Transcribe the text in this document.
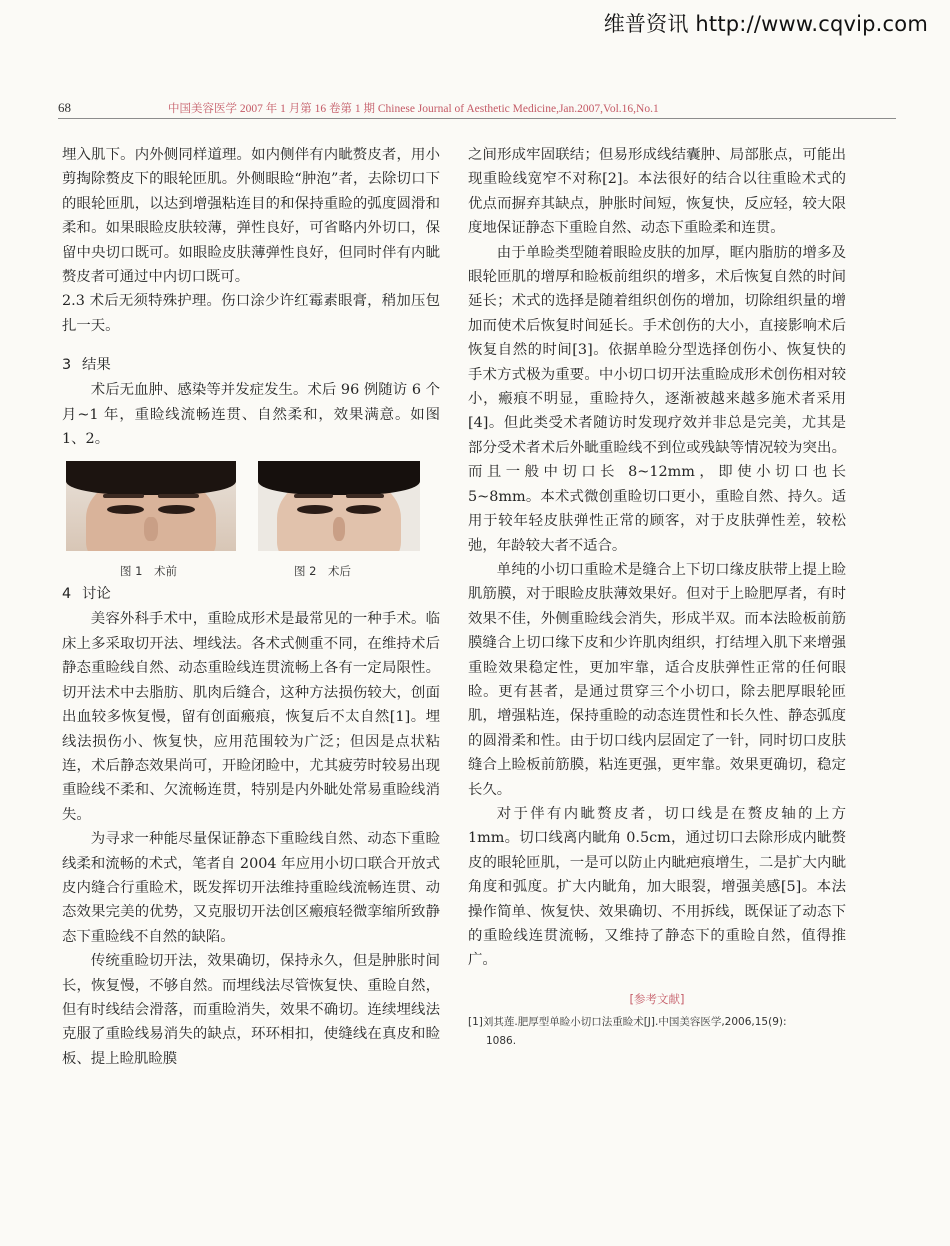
维普资讯 http://www.cqvip.com
68	中国美容医学 2007 年 1 月第 16 卷第 1 期 Chinese Journal of Aesthetic Medicine,Jan.2007,Vol.16,No.1

埋入肌下。内外侧同样道理。如内侧伴有内眦赘皮者，用小剪掏除赘皮下的眼轮匝肌。外侧眼睑“肿泡”者，去除切口下的眼轮匝肌，以达到增强粘连目的和保持重睑的弧度圆滑和柔和。如果眼睑皮肤较薄，弹性良好，可省略内外切口，保留中央切口既可。如眼睑皮肤薄弹性良好，但同时伴有内眦赘皮者可通过中内切口既可。

2.3 术后无须特殊护理。伤口涂少许红霉素眼膏，稍加压包扎一天。

3 结果

术后无血肿、感染等并发症发生。术后 96 例随访 6 个月~1 年，重睑线流畅连贯、自然柔和，效果满意。如图 1、2。

图 1　术前	图 2　术后
4 讨论

美容外科手术中，重睑成形术是最常见的一种手术。临床上多采取切开法、埋线法。各术式侧重不同，在维持术后静态重睑线自然、动态重睑线连贯流畅上各有一定局限性。切开法术中去脂肪、肌肉后缝合，这种方法损伤较大，创面出血较多恢复慢，留有创面瘢痕，恢复后不太自然[1]。埋线法损伤小、恢复快，应用范围较为广泛；但因是点状粘连，术后静态效果尚可，开睑闭睑中，尤其疲劳时较易出现重睑线不柔和、欠流畅连贯，特别是内外眦处常易重睑线消失。

为寻求一种能尽量保证静态下重睑线自然、动态下重睑线柔和流畅的术式，笔者自 2004 年应用小切口联合开放式皮内缝合行重睑术，既发挥切开法维持重睑线流畅连贯、动态效果完美的优势，又克服切开法创区瘢痕轻微挛缩所致静态下重睑线不自然的缺陷。

传统重睑切开法，效果确切，保持永久，但是肿胀时间长，恢复慢，不够自然。而埋线法尽管恢复快、重睑自然，但有时线结会滑落，而重睑消失，效果不确切。连续埋线法克服了重睑线易消失的缺点，环环相扣，使缝线在真皮和睑板、提上睑肌睑膜

之间形成牢固联结；但易形成线结囊肿、局部胀点，可能出现重睑线宽窄不对称[2]。本法很好的结合以往重睑术式的优点而摒弃其缺点，肿胀时间短，恢复快，反应轻，较大限度地保证静态下重睑自然、动态下重睑柔和连贯。

由于单睑类型随着眼睑皮肤的加厚，眶内脂肪的增多及眼轮匝肌的增厚和睑板前组织的增多，术后恢复自然的时间延长；术式的选择是随着组织创伤的增加，切除组织量的增加而使术后恢复时间延长。手术创伤的大小，直接影响术后恢复自然的时间[3]。依据单睑分型选择创伤小、恢复快的手术方式极为重要。中小切口切开法重睑成形术创伤相对较小，瘢痕不明显，重睑持久，逐渐被越来越多施术者采用[4]。但此类受术者随访时发现疗效并非总是完美，尤其是部分受术者术后外眦重睑线不到位或残缺等情况较为突出。而且一般中切口长 8~12mm，即使小切口也长 5~8mm。本术式微创重睑切口更小，重睑自然、持久。适用于较年轻皮肤弹性正常的顾客，对于皮肤弹性差，较松弛，年龄较大者不适合。

单纯的小切口重睑术是缝合上下切口缘皮肤带上提上睑肌筋膜，对于眼睑皮肤薄效果好。但对于上睑肥厚者，有时效果不佳，外侧重睑线会消失，形成半双。而本法睑板前筋膜缝合上切口缘下皮和少许肌肉组织，打结埋入肌下来增强重睑效果稳定性，更加牢靠，适合皮肤弹性正常的任何眼睑。更有甚者，是通过贯穿三个小切口，除去肥厚眼轮匝肌，增强粘连，保持重睑的动态连贯性和长久性、静态弧度的圆滑柔和性。由于切口线内层固定了一针，同时切口皮肤缝合上睑板前筋膜，粘连更强，更牢靠。效果更确切，稳定长久。

对于伴有内眦赘皮者，切口线是在赘皮轴的上方 1mm。切口线离内眦角 0.5cm，通过切口去除形成内眦赘皮的眼轮匝肌，一是可以防止内眦疤痕增生，二是扩大内眦角度和弧度。扩大内眦角，加大眼裂，增强美感[5]。本法操作简单、恢复快、效果确切、不用拆线，既保证了动态下的重睑线连贯流畅，又维持了静态下的重睑自然，值得推广。

[参考文献]
[1]刘其莲.肥厚型单睑小切口法重睑术[J].中国美容医学,2006,15(9):
1086.
